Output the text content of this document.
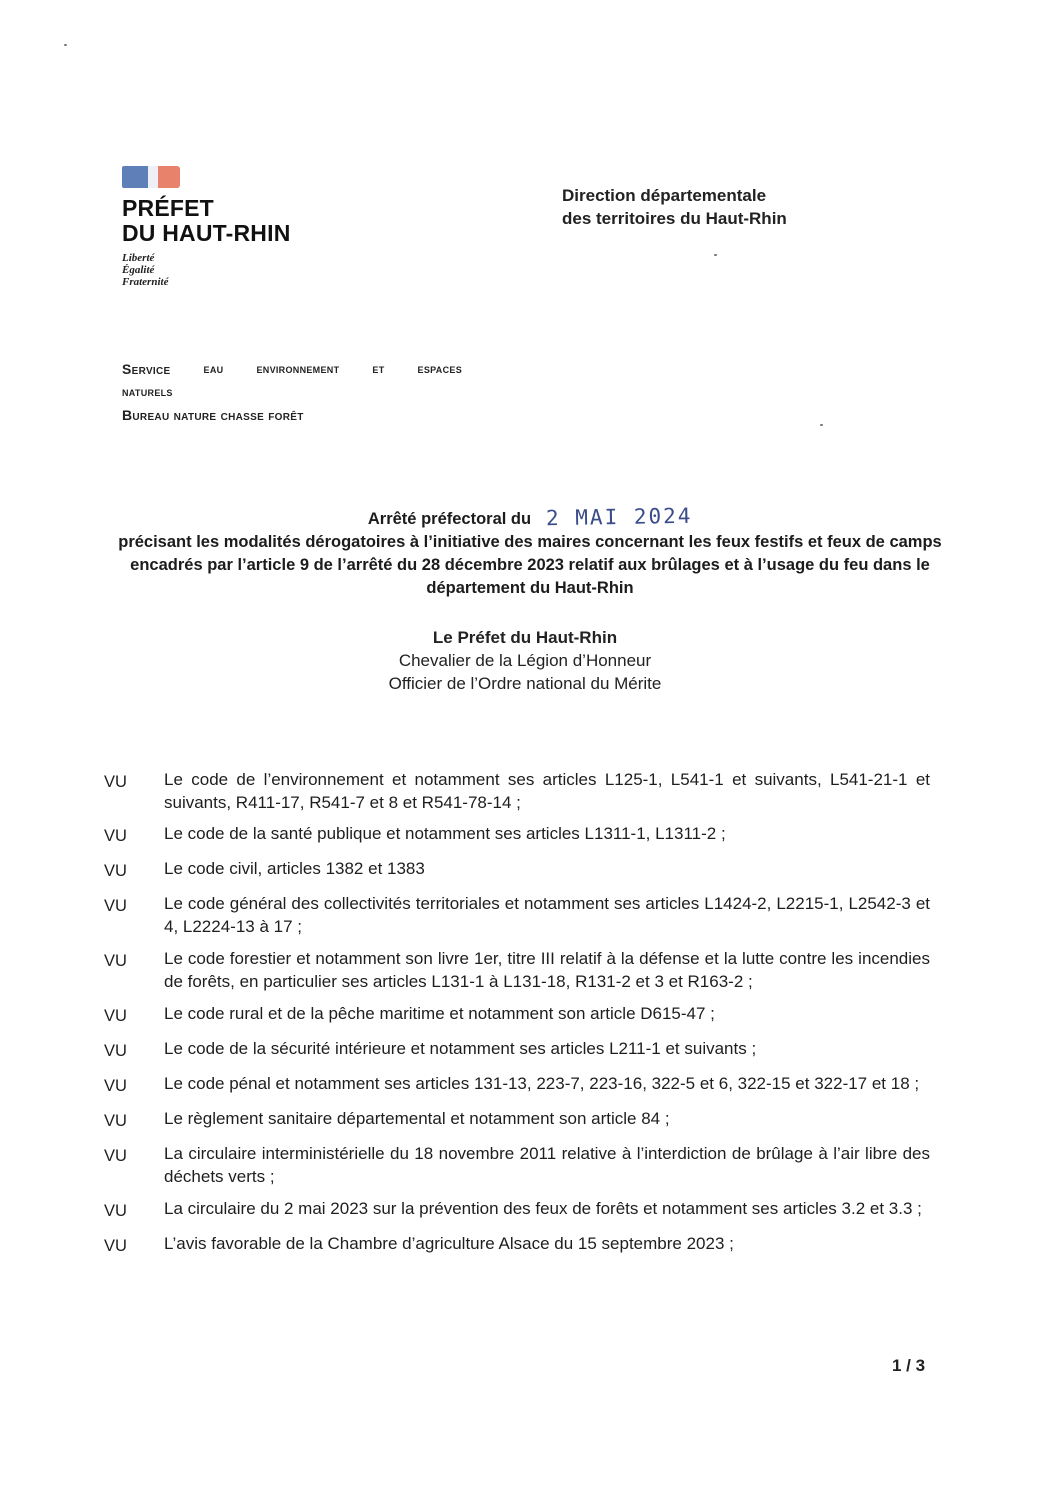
PRÉFET
DU HAUT-RHIN
Liberté
Égalité
Fraternité
Direction départementale
des territoires du Haut-Rhin
Service	eau	environnement	et	espaces
naturels
Bureau nature chasse forêt
Arrêté préfectoral du 2 MAI 2024
précisant les modalités dérogatoires à l’initiative des maires concernant les feux festifs et feux de camps encadrés par l’article 9 de l’arrêté du 28 décembre 2023 relatif aux brûlages et à l’usage du feu dans le département du Haut-Rhin
Le Préfet du Haut-Rhin
Chevalier de la Légion d’Honneur
Officier de l’Ordre national du Mérite
VU	Le code de l’environnement et notamment ses articles L125-1, L541-1 et suivants, L541-21-1 et suivants, R411-17, R541-7 et 8 et R541-78-14 ;
VU	Le code de la santé publique et notamment ses articles L1311-1, L1311-2 ;
VU	Le code civil, articles 1382 et 1383
VU	Le code général des collectivités territoriales et notamment ses articles L1424-2, L2215-1, L2542-3 et 4, L2224-13 à 17 ;
VU	Le code forestier et notamment son livre 1er, titre III relatif à la défense et la lutte contre les incendies de forêts, en particulier ses articles L131-1 à L131-18, R131-2 et 3 et R163-2 ;
VU	Le code rural et de la pêche maritime et notamment son article D615-47 ;
VU	Le code de la sécurité intérieure et notamment ses articles L211-1 et suivants ;
VU	Le code pénal et notamment ses articles 131-13, 223-7, 223-16, 322-5 et 6, 322-15 et 322-17 et 18 ;
VU	Le règlement sanitaire départemental et notamment son article 84 ;
VU	La circulaire interministérielle du 18 novembre 2011 relative à l’interdiction de brûlage à l’air libre des déchets verts ;
VU	La circulaire du 2 mai 2023 sur la prévention des feux de forêts et notamment ses articles 3.2 et 3.3 ;
VU	L’avis favorable de la Chambre d’agriculture Alsace du 15 septembre 2023 ;
1 / 3
